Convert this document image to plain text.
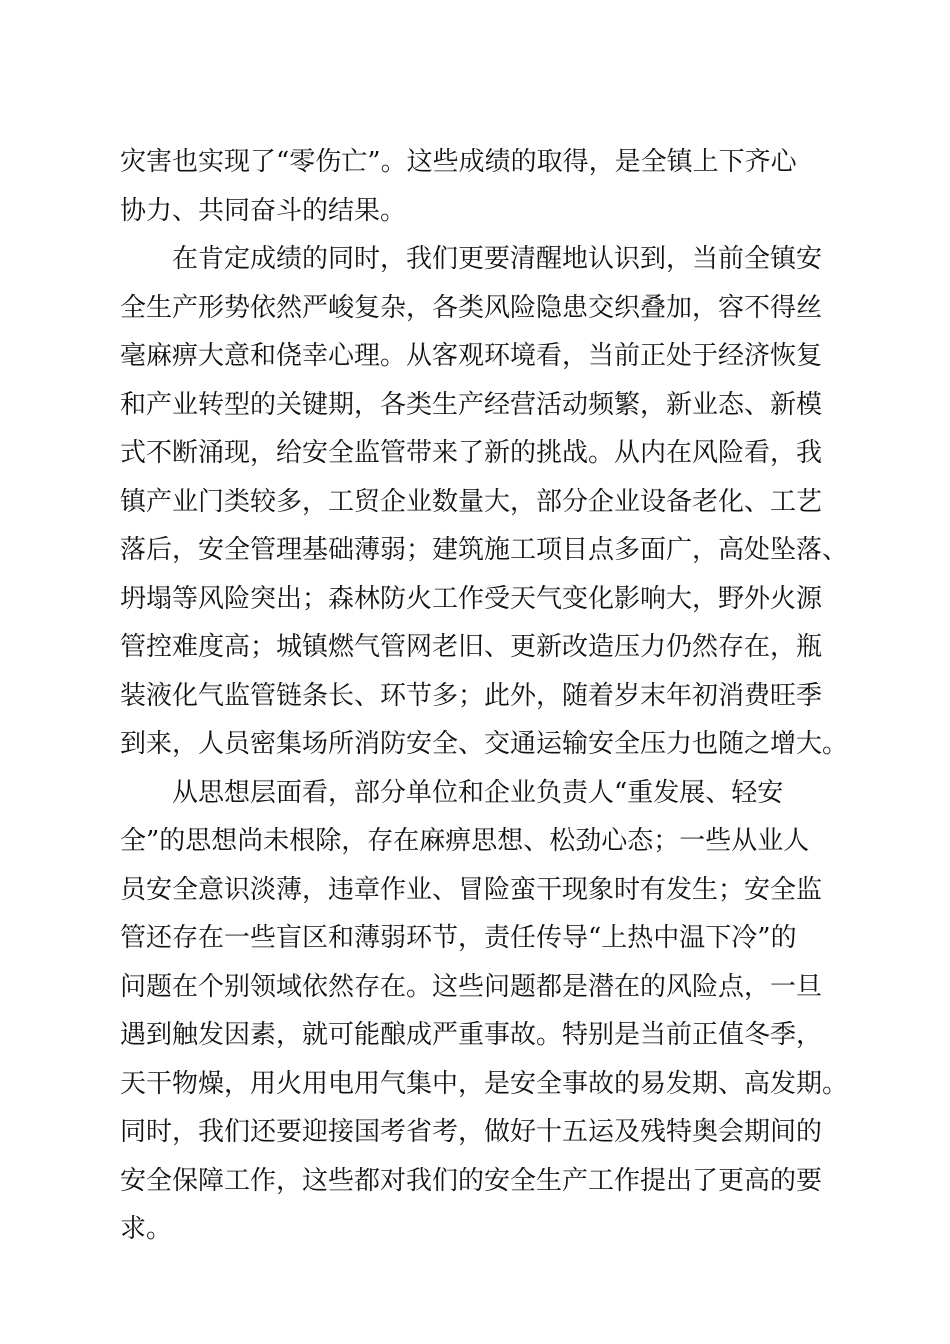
灾害也实现了“零伤亡”。这些成绩的取得，是全镇上下齐心
协力、共同奋斗的结果。
在肯定成绩的同时，我们更要清醒地认识到，当前全镇安
全生产形势依然严峻复杂，各类风险隐患交织叠加，容不得丝
毫麻痹大意和侥幸心理。从客观环境看，当前正处于经济恢复
和产业转型的关键期，各类生产经营活动频繁，新业态、新模
式不断涌现，给安全监管带来了新的挑战。从内在风险看，我
镇产业门类较多，工贸企业数量大，部分企业设备老化、工艺
落后，安全管理基础薄弱；建筑施工项目点多面广，高处坠落、
坍塌等风险突出；森林防火工作受天气变化影响大，野外火源
管控难度高；城镇燃气管网老旧、更新改造压力仍然存在，瓶
装液化气监管链条长、环节多；此外，随着岁末年初消费旺季
到来，人员密集场所消防安全、交通运输安全压力也随之增大。
从思想层面看，部分单位和企业负责人“重发展、轻安
全”的思想尚未根除，存在麻痹思想、松劲心态；一些从业人
员安全意识淡薄，违章作业、冒险蛮干现象时有发生；安全监
管还存在一些盲区和薄弱环节，责任传导“上热中温下冷”的
问题在个别领域依然存在。这些问题都是潜在的风险点，一旦
遇到触发因素，就可能酿成严重事故。特别是当前正值冬季，
天干物燥，用火用电用气集中，是安全事故的易发期、高发期。
同时，我们还要迎接国考省考，做好十五运及残特奥会期间的
安全保障工作，这些都对我们的安全生产工作提出了更高的要
求。
